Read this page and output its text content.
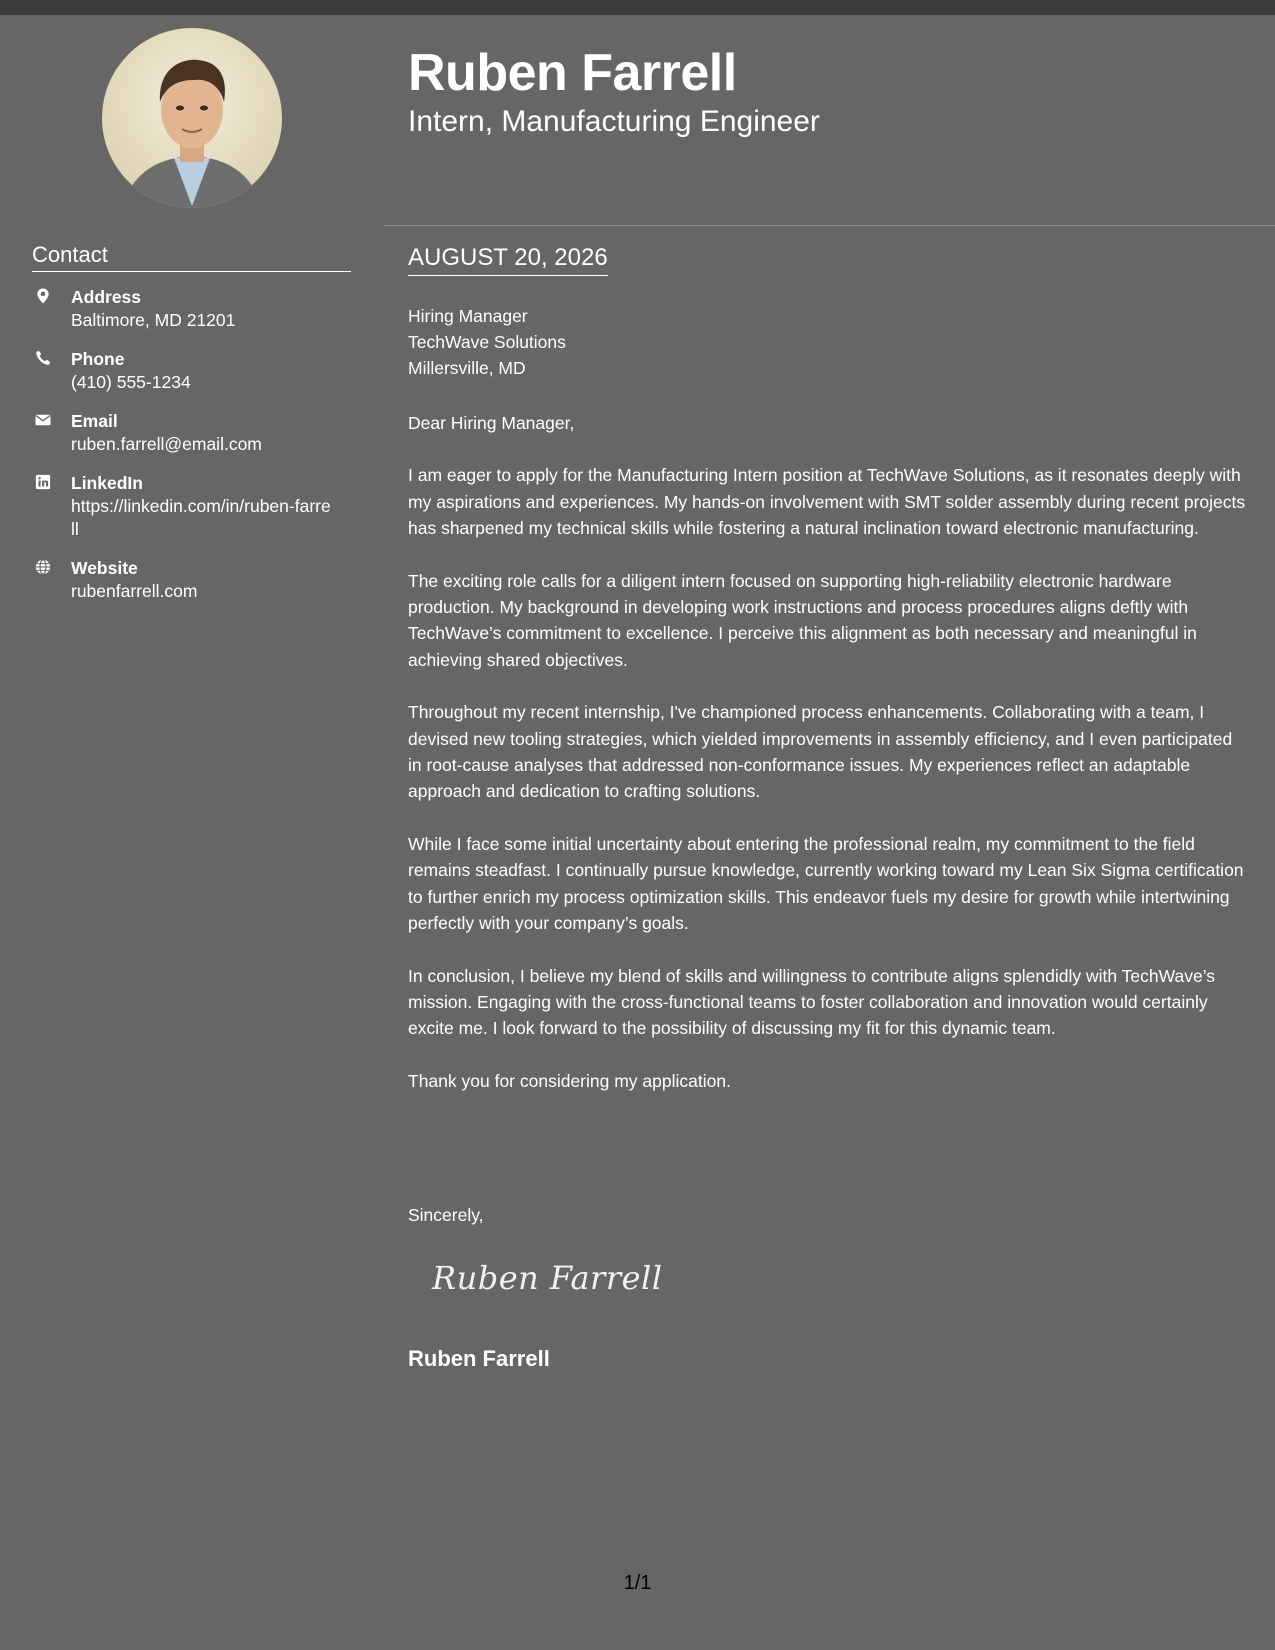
Contact
Address
Baltimore, MD 21201
Phone
(410) 555-1234
Email
ruben.farrell@email.com
LinkedIn
https://linkedin.com/in/ruben-farrell
Website
rubenfarrell.com
Ruben Farrell
Intern, Manufacturing Engineer
AUGUST 20, 2026
Hiring Manager
TechWave Solutions
Millersville, MD

Dear Hiring Manager,

I am eager to apply for the Manufacturing Intern position at TechWave Solutions, as it resonates deeply with my aspirations and experiences. My hands-on involvement with SMT solder assembly during recent projects has sharpened my technical skills while fostering a natural inclination toward electronic manufacturing.

The exciting role calls for a diligent intern focused on supporting high-reliability electronic hardware production. My background in developing work instructions and process procedures aligns deftly with TechWave’s commitment to excellence. I perceive this alignment as both necessary and meaningful in achieving shared objectives.

Throughout my recent internship, I've championed process enhancements. Collaborating with a team, I devised new tooling strategies, which yielded improvements in assembly efficiency, and I even participated in root-cause analyses that addressed non-conformance issues. My experiences reflect an adaptable approach and dedication to crafting solutions.

While I face some initial uncertainty about entering the professional realm, my commitment to the field remains steadfast. I continually pursue knowledge, currently working toward my Lean Six Sigma certification to further enrich my process optimization skills. This endeavor fuels my desire for growth while intertwining perfectly with your company’s goals.

In conclusion, I believe my blend of skills and willingness to contribute aligns splendidly with TechWave’s mission. Engaging with the cross-functional teams to foster collaboration and innovation would certainly excite me. I look forward to the possibility of discussing my fit for this dynamic team.

Thank you for considering my application.

Sincerely,
Ruben Farrell
Ruben Farrell
1/1
